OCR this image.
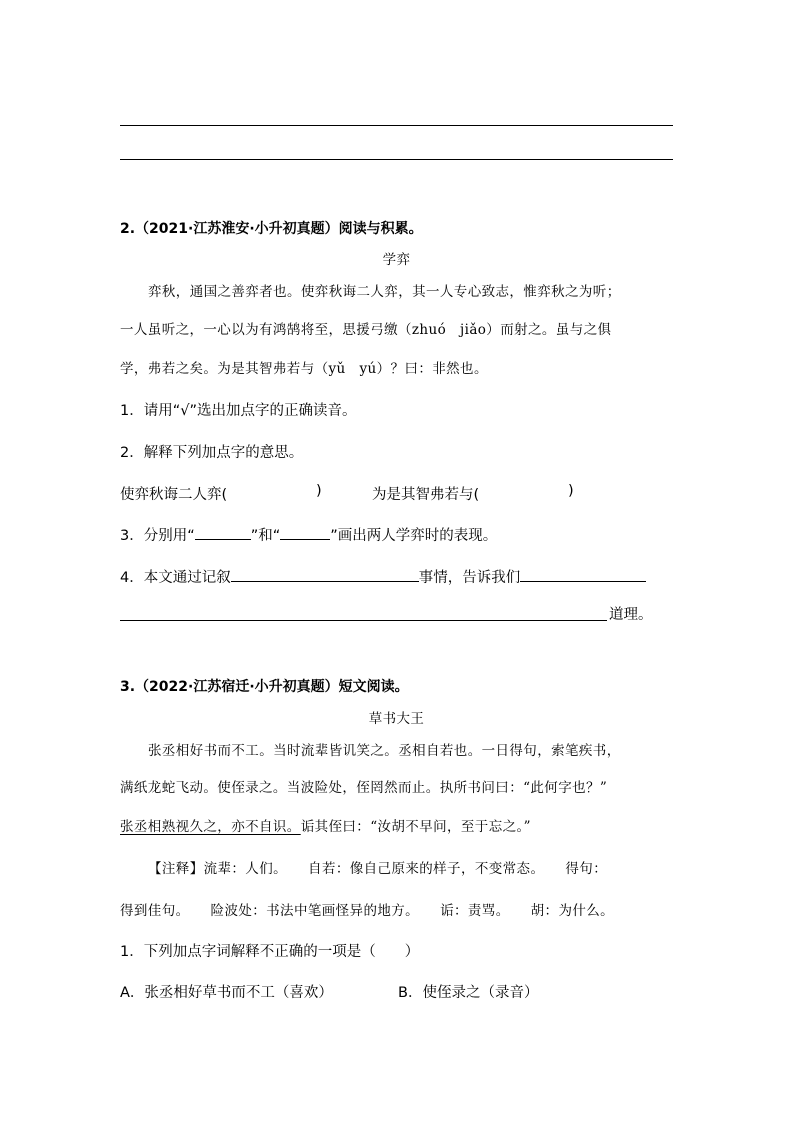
2.（2021·江苏淮安·小升初真题）阅读与积累。
学弈
弈秋，通国之善弈者也。使弈秋诲二人弈，其一人专心致志，惟弈秋之为听；
一人虽听之，一心以为有鸿鹄将至，思援弓缴（zhuó　jiǎo）而射之。虽与之俱
学，弗若之矣。为是其智弗若与（yǔ　yú）？曰：非然也。
1．请用“√”选出加点字的正确读音。
2．解释下列加点字的意思。
使弈秋诲二人弈(	)	为是其智弗若与(	)
3．分别用“	”和“	”画出两人学弈时的表现。
4．本文通过记叙	事情，告诉我们
道理。
3.（2022·江苏宿迁·小升初真题）短文阅读。
草书大王
张丞相好书而不工。当时流辈皆讥笑之。丞相自若也。一日得句，索笔疾书，
满纸龙蛇飞动。使侄录之。当波险处，侄罔然而止。执所书问曰：“此何字也？”
张丞相熟视久之，亦不自识。诟其侄曰：“汝胡不早问，至于忘之。”
【注释】流辈：人们。　　自若：像自己原来的样子，不变常态。　　得句：
得到佳句。　　险波处：书法中笔画怪异的地方。　　诟：责骂。　　胡：为什么。
1．下列加点字词解释不正确的一项是（　　）
A．张丞相好草书而不工（喜欢）	B．使侄录之（录音）
